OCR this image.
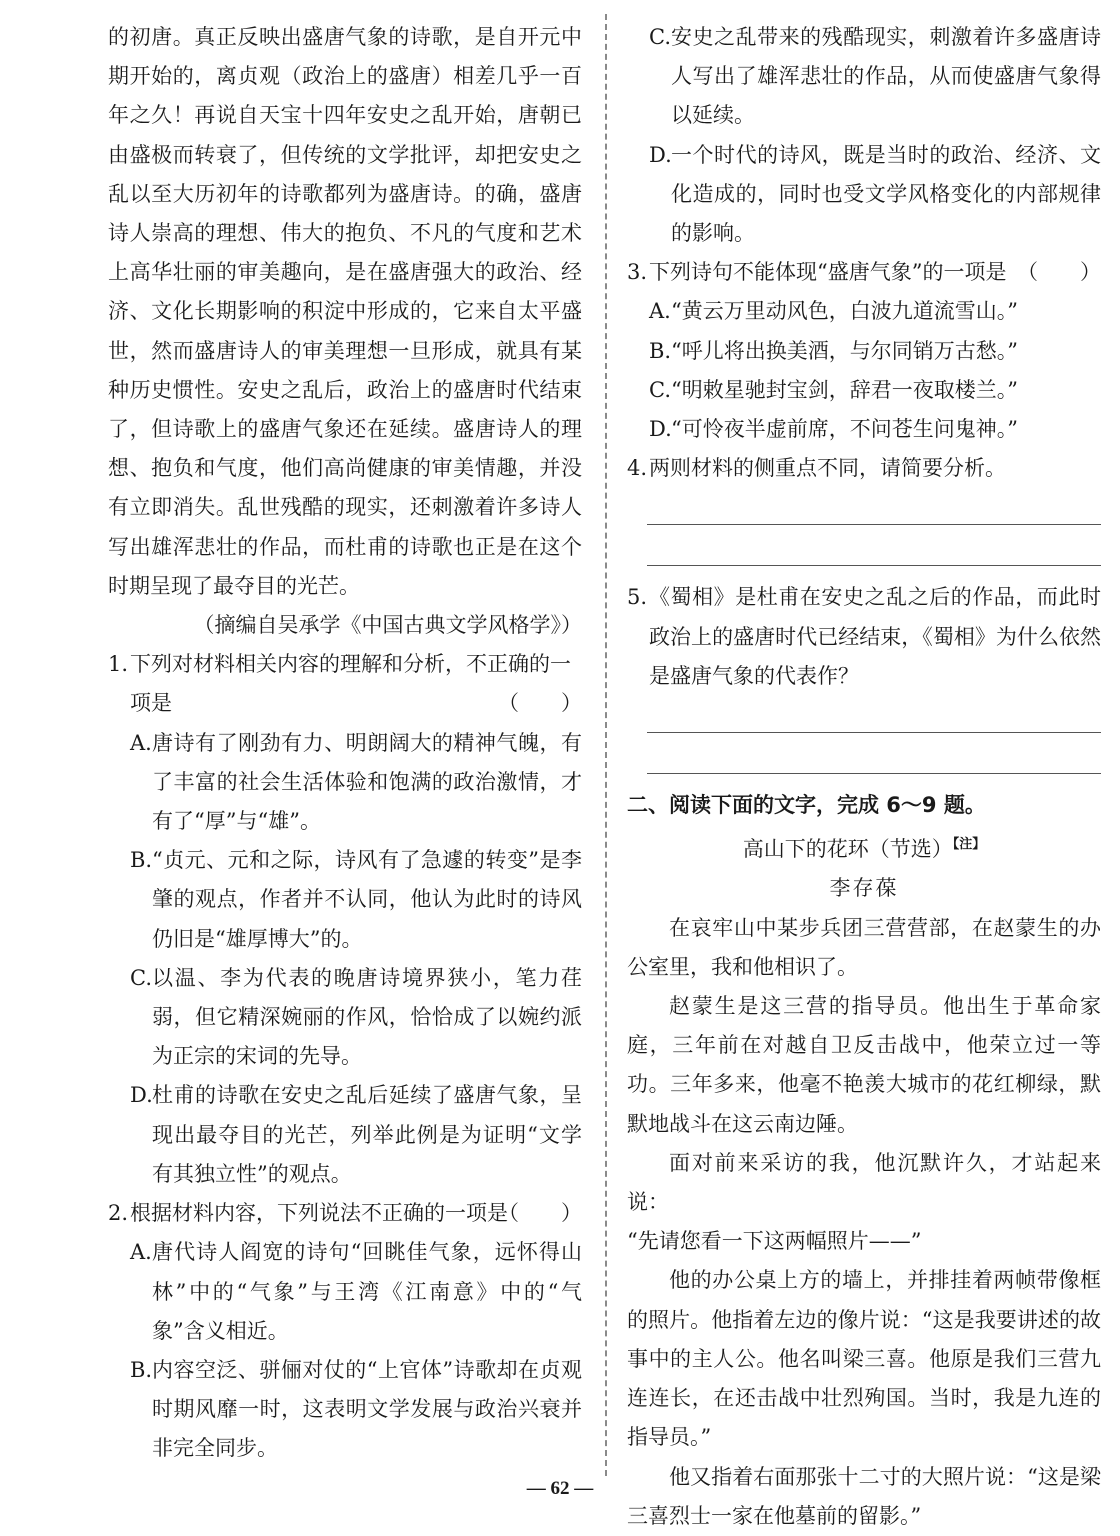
的初唐。真正反映出盛唐气象的诗歌，是自开元中期开始的，离贞观（政治上的盛唐）相差几乎一百年之久！再说自天宝十四年安史之乱开始，唐朝已由盛极而转衰了，但传统的文学批评，却把安史之乱以至大历初年的诗歌都列为盛唐诗。的确，盛唐诗人崇高的理想、伟大的抱负、不凡的气度和艺术上高华壮丽的审美趣向，是在盛唐强大的政治、经济、文化长期影响的积淀中形成的，它来自太平盛世，然而盛唐诗人的审美理想一旦形成，就具有某种历史惯性。安史之乱后，政治上的盛唐时代结束了，但诗歌上的盛唐气象还在延续。盛唐诗人的理想、抱负和气度，他们高尚健康的审美情趣，并没有立即消失。乱世残酷的现实，还刺激着许多诗人写出雄浑悲壮的作品，而杜甫的诗歌也正是在这个时期呈现了最夺目的光芒。

（摘编自吴承学《中国古典文学风格学》）

1. 下列对材料相关内容的理解和分析，不正确的一项是	（　　）
A. 唐诗有了刚劲有力、明朗阔大的精神气魄，有了丰富的社会生活体验和饱满的政治激情，才有了“厚”与“雄”。
B. “贞元、元和之际，诗风有了急遽的转变”是李肇的观点，作者并不认同，他认为此时的诗风仍旧是“雄厚博大”的。
C. 以温、李为代表的晚唐诗境界狭小，笔力荏弱，但它精深婉丽的作风，恰恰成了以婉约派为正宗的宋词的先导。
D. 杜甫的诗歌在安史之乱后延续了盛唐气象，呈现出最夺目的光芒，列举此例是为证明“文学有其独立性”的观点。
2. 根据材料内容，下列说法不正确的一项是
（　　）
A. 唐代诗人阎宽的诗句“回眺佳气象，远怀得山林”中的“气象”与王湾《江南意》中的“气象”含义相近。
B. 内容空泛、骈俪对仗的“上官体”诗歌却在贞观时期风靡一时，这表明文学发展与政治兴衰并非完全同步。
C. 安史之乱带来的残酷现实，刺激着许多盛唐诗人写出了雄浑悲壮的作品，从而使盛唐气象得以延续。
D. 一个时代的诗风，既是当时的政治、经济、文化造成的，同时也受文学风格变化的内部规律的影响。
3. 下列诗句不能体现“盛唐气象”的一项是 （　　）
A. “黄云万里动风色，白波九道流雪山。”
B. “呼儿将出换美酒，与尔同销万古愁。”
C. “明敕星驰封宝剑，辞君一夜取楼兰。”
D. “可怜夜半虚前席，不问苍生问鬼神。”
4. 两则材料的侧重点不同，请简要分析。
5. 《蜀相》是杜甫在安史之乱之后的作品，而此时政治上的盛唐时代已经结束，《蜀相》为什么依然是盛唐气象的代表作？

二、阅读下面的文字，完成 6～9 题。

高山下的花环（节选）$^{【注】}$

李存葆

在哀牢山中某步兵团三营营部，在赵蒙生的办公室里，我和他相识了。

赵蒙生是这三营的指导员。他出生于革命家庭，三年前在对越自卫反击战中，他荣立过一等功。三年多来，他毫不艳羡大城市的花红柳绿，默默地战斗在这云南边陲。

面对前来采访的我，他沉默许久，才站起来说：

“先请您看一下这两幅照片——”

他的办公桌上方的墙上，并排挂着两帧带像框的照片。他指着左边的像片说：“这是我要讲述的故事中的主人公。他名叫梁三喜。他原是我们三营九连连长，在还击战中壮烈殉国。当时，我是九连的指导员。”

他又指着右面那张十二寸的大照片说：“这是梁三喜烈士一家在他墓前的留影。”

— 62 —
